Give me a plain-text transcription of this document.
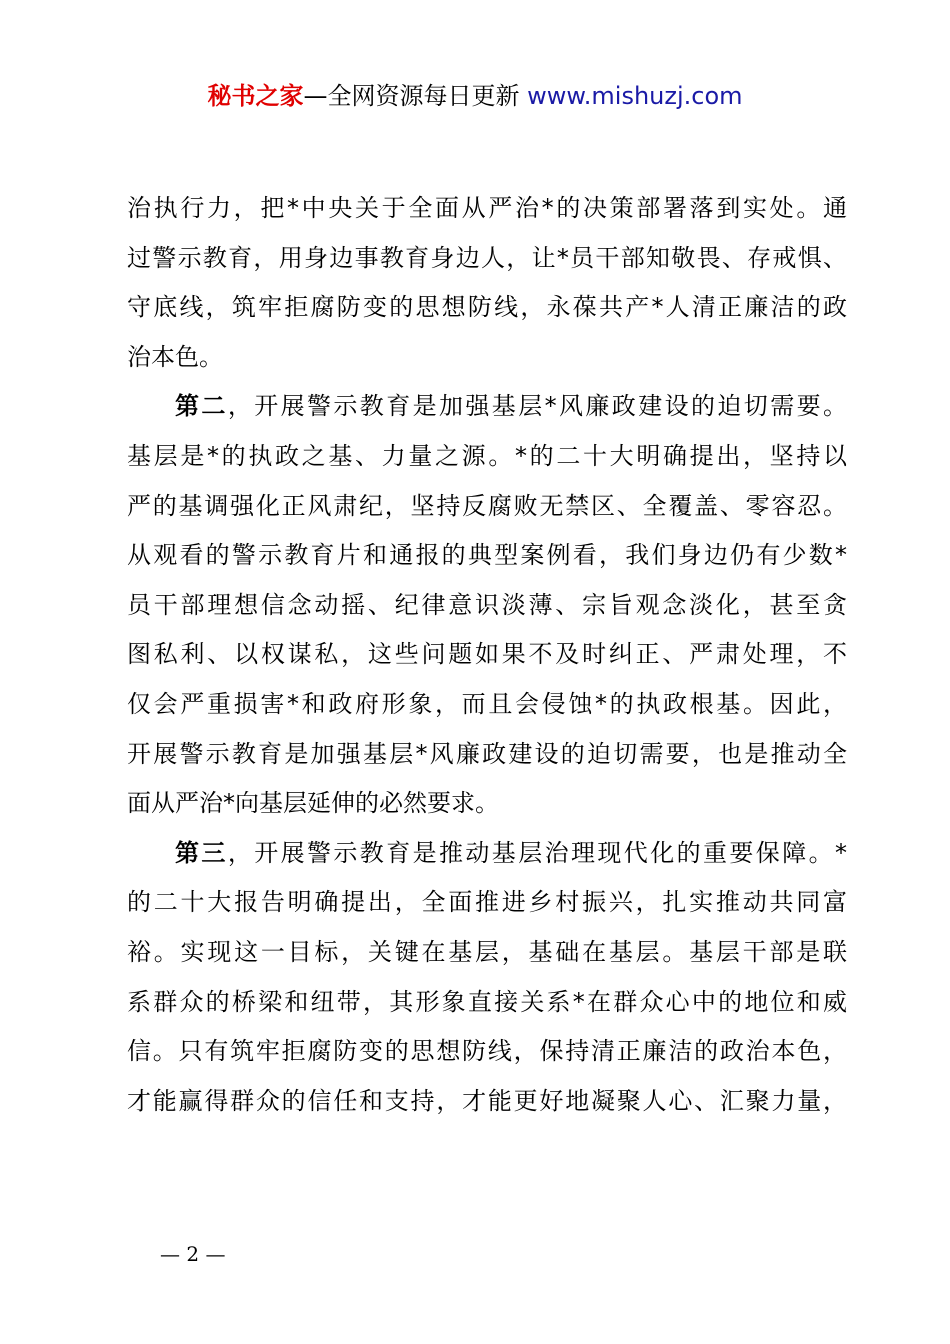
秘书之家—全网资源每日更新 www.mishuzj.com
治执行力，把*中央关于全面从严治*的决策部署落到实处。通
过警示教育，用身边事教育身边人，让*员干部知敬畏、存戒惧、
守底线，筑牢拒腐防变的思想防线，永葆共产*人清正廉洁的政
治本色。
第二，开展警示教育是加强基层*风廉政建设的迫切需要。
基层是*的执政之基、力量之源。*的二十大明确提出，坚持以
严的基调强化正风肃纪，坚持反腐败无禁区、全覆盖、零容忍。
从观看的警示教育片和通报的典型案例看，我们身边仍有少数*
员干部理想信念动摇、纪律意识淡薄、宗旨观念淡化，甚至贪
图私利、以权谋私，这些问题如果不及时纠正、严肃处理，不
仅会严重损害*和政府形象，而且会侵蚀*的执政根基。因此，
开展警示教育是加强基层*风廉政建设的迫切需要，也是推动全
面从严治*向基层延伸的必然要求。
第三，开展警示教育是推动基层治理现代化的重要保障。*
的二十大报告明确提出，全面推进乡村振兴，扎实推动共同富
裕。实现这一目标，关键在基层，基础在基层。基层干部是联
系群众的桥梁和纽带，其形象直接关系*在群众心中的地位和威
信。只有筑牢拒腐防变的思想防线，保持清正廉洁的政治本色，
才能赢得群众的信任和支持，才能更好地凝聚人心、汇聚力量，
— 2 —
